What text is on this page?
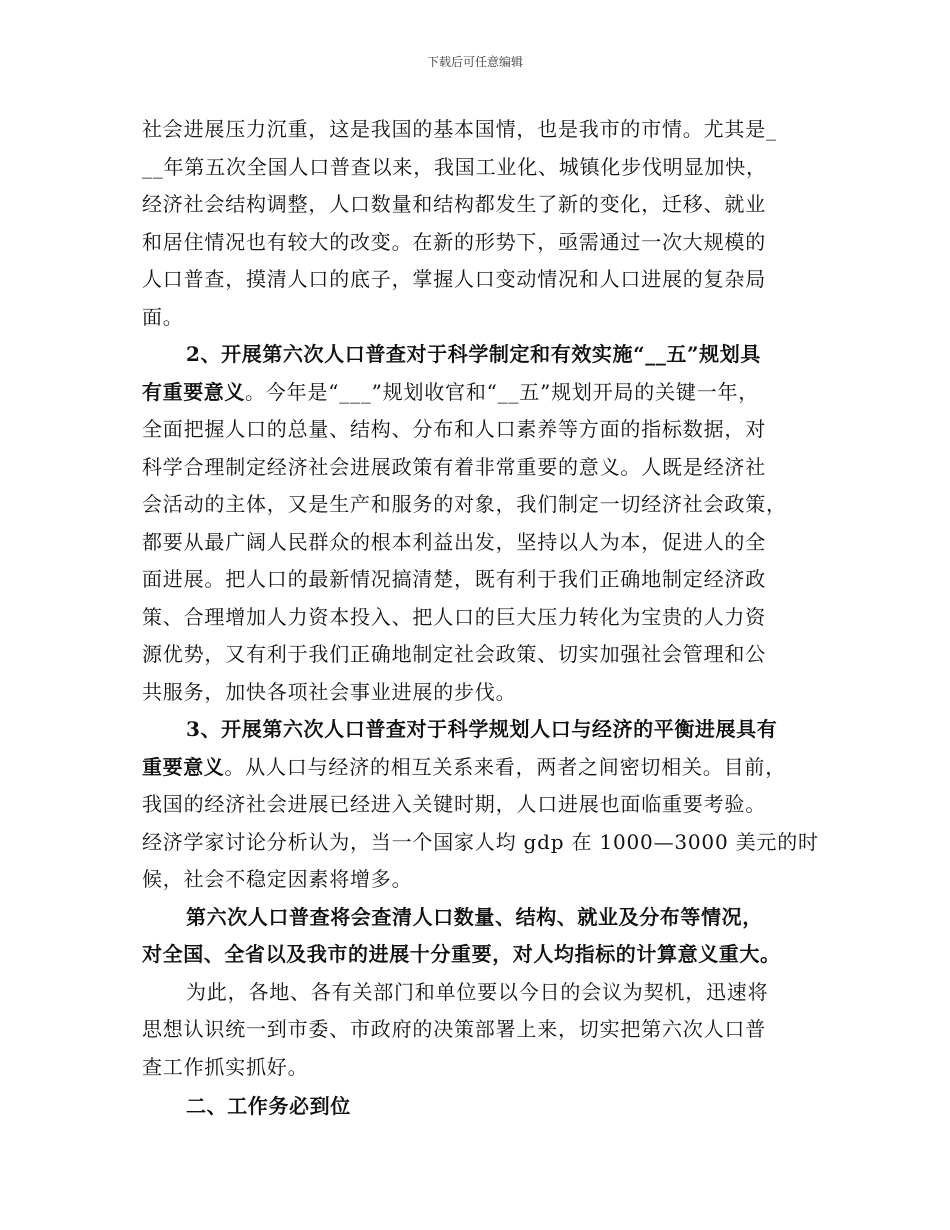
下载后可任意编辑
社会进展压力沉重，这是我国的基本国情，也是我市的市情。尤其是_
__年第五次全国人口普查以来，我国工业化、城镇化步伐明显加快，
经济社会结构调整，人口数量和结构都发生了新的变化，迁移、就业
和居住情况也有较大的改变。在新的形势下，亟需通过一次大规模的
人口普查，摸清人口的底子，掌握人口变动情况和人口进展的复杂局
面。
2、开展第六次人口普查对于科学制定和有效实施“__五”规划具
有重要意义。今年是“___”规划收官和“__五”规划开局的关键一年，
全面把握人口的总量、结构、分布和人口素养等方面的指标数据，对
科学合理制定经济社会进展政策有着非常重要的意义。人既是经济社
会活动的主体，又是生产和服务的对象，我们制定一切经济社会政策，
都要从最广阔人民群众的根本利益出发，坚持以人为本，促进人的全
面进展。把人口的最新情况搞清楚，既有利于我们正确地制定经济政
策、合理增加人力资本投入、把人口的巨大压力转化为宝贵的人力资
源优势，又有利于我们正确地制定社会政策、切实加强社会管理和公
共服务，加快各项社会事业进展的步伐。
3、开展第六次人口普查对于科学规划人口与经济的平衡进展具有
重要意义。从人口与经济的相互关系来看，两者之间密切相关。目前，
我国的经济社会进展已经进入关键时期，人口进展也面临重要考验。
经济学家讨论分析认为，当一个国家人均 gdp 在 1000—3000 美元的时
候，社会不稳定因素将增多。
第六次人口普查将会查清人口数量、结构、就业及分布等情况，
对全国、全省以及我市的进展十分重要，对人均指标的计算意义重大。
为此，各地、各有关部门和单位要以今日的会议为契机，迅速将
思想认识统一到市委、市政府的决策部署上来，切实把第六次人口普
查工作抓实抓好。
二、工作务必到位
